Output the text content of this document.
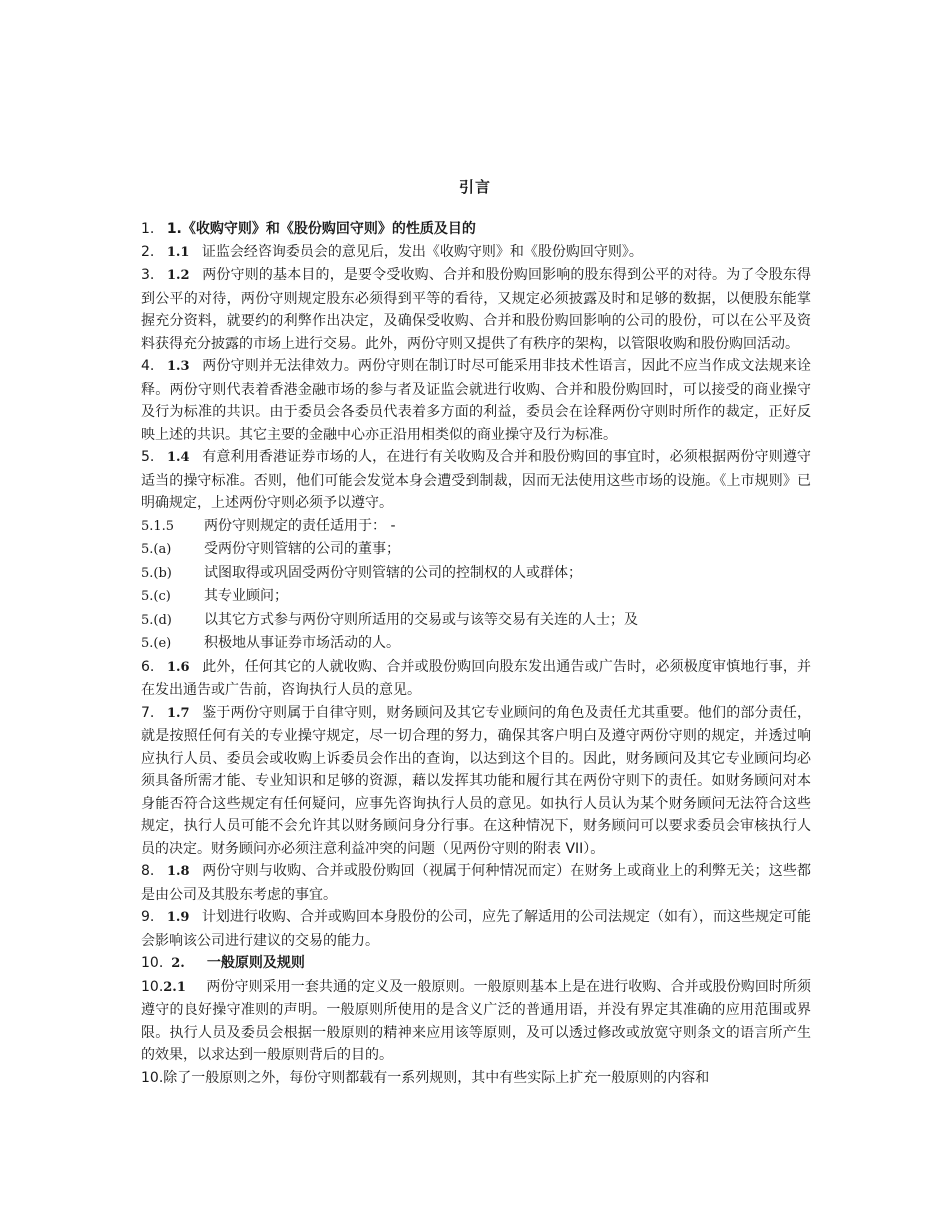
引言

1. 1.《收购守则》和《股份购回守则》的性质及目的

2. 1.1 证监会经咨询委员会的意见后，发出《收购守则》和《股份购回守则》。

3. 1.2 两份守则的基本目的，是要令受收购、合并和股份购回影响的股东得到公平的对待。为了令股东得到公平的对待，两份守则规定股东必须得到平等的看待，又规定必须披露及时和足够的数据，以便股东能掌握充分资料，就要约的利弊作出决定，及确保受收购、合并和股份购回影响的公司的股份，可以在公平及资料获得充分披露的市场上进行交易。此外，两份守则又提供了有秩序的架构，以管限收购和股份购回活动。

4. 1.3 两份守则并无法律效力。两份守则在制订时尽可能采用非技术性语言，因此不应当作成文法规来诠释。两份守则代表着香港金融市场的参与者及证监会就进行收购、合并和股份购回时，可以接受的商业操守及行为标准的共识。由于委员会各委员代表着多方面的利益，委员会在诠释两份守则时所作的裁定，正好反映上述的共识。其它主要的金融中心亦正沿用相类似的商业操守及行为标准。

5. 1.4 有意利用香港证券市场的人，在进行有关收购及合并和股份购回的事宜时，必须根据两份守则遵守适当的操守标准。否则，他们可能会发觉本身会遭受到制裁，因而无法使用这些市场的设施。《上市规则》已明确规定，上述两份守则必须予以遵守。

5.1.5 两份守则规定的责任适用于： -
5.(a) 受两份守则管辖的公司的董事；
5.(b) 试图取得或巩固受两份守则管辖的公司的控制权的人或群体；
5.(c) 其专业顾问；
5.(d) 以其它方式参与两份守则所适用的交易或与该等交易有关连的人士；及
5.(e) 积极地从事证券市场活动的人。

6. 1.6 此外，任何其它的人就收购、合并或股份购回向股东发出通告或广告时，必须极度审慎地行事，并在发出通告或广告前，咨询执行人员的意见。

7. 1.7 鉴于两份守则属于自律守则，财务顾问及其它专业顾问的角色及责任尤其重要。他们的部分责任，就是按照任何有关的专业操守规定，尽一切合理的努力，确保其客户明白及遵守两份守则的规定，并透过响应执行人员、委员会或收购上诉委员会作出的查询，以达到这个目的。因此，财务顾问及其它专业顾问均必须具备所需才能、专业知识和足够的资源，藉以发挥其功能和履行其在两份守则下的责任。如财务顾问对本身能否符合这些规定有任何疑问，应事先咨询执行人员的意见。如执行人员认为某个财务顾问无法符合这些规定，执行人员可能不会允许其以财务顾问身分行事。在这种情况下，财务顾问可以要求委员会审核执行人员的决定。财务顾问亦必须注意利益冲突的问题（见两份守则的附表 VII）。

8. 1.8 两份守则与收购、合并或股份购回（视属于何种情况而定）在财务上或商业上的利弊无关；这些都是由公司及其股东考虑的事宜。

9. 1.9 计划进行收购、合并或购回本身股份的公司，应先了解适用的公司法规定（如有），而这些规定可能会影响该公司进行建议的交易的能力。

10. 2. 一般原则及规则

10.2.1 两份守则采用一套共通的定义及一般原则。一般原则基本上是在进行收购、合并或股份购回时所须遵守的良好操守准则的声明。一般原则所使用的是含义广泛的普通用语，并没有界定其准确的应用范围或界限。执行人员及委员会根据一般原则的精神来应用该等原则，及可以透过修改或放宽守则条文的语言所产生的效果，以求达到一般原则背后的目的。

10.除了一般原则之外，每份守则都载有一系列规则，其中有些实际上扩充一般原则的内容和
